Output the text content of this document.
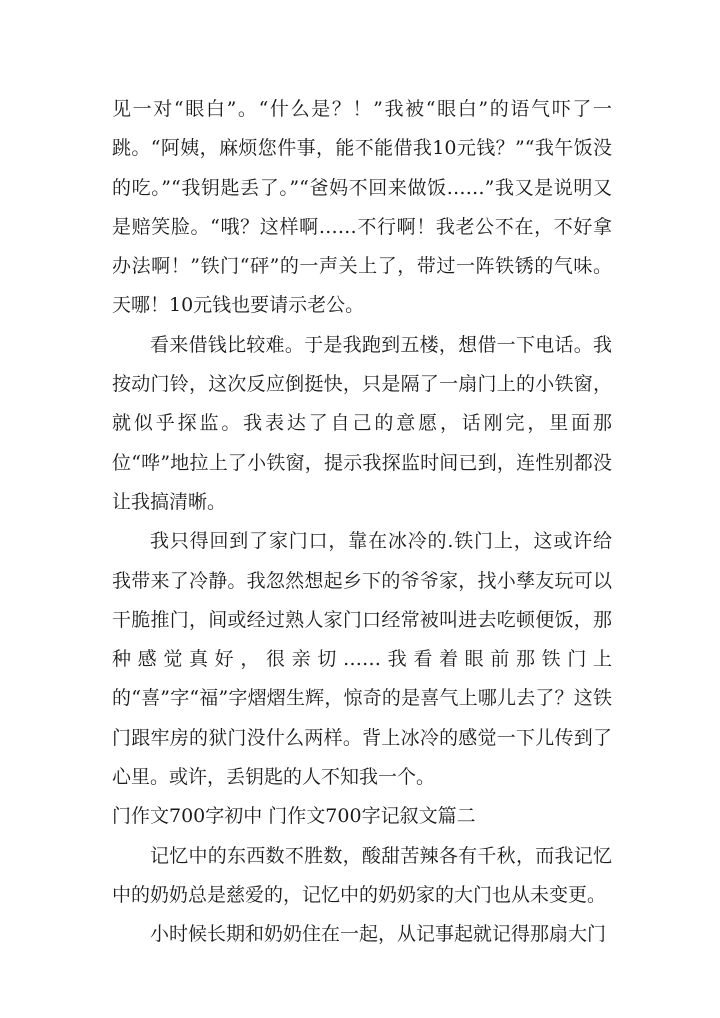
见一对“眼白”。“什么是？！”我被“眼白”的语气吓了一跳。“阿姨，麻烦您件事，能不能借我10元钱？”“我午饭没的吃。”“我钥匙丢了。”“爸妈不回来做饭……”我又是说明又是赔笑脸。“哦？这样啊……不行啊！我老公不在，不好拿办法啊！”铁门“砰”的一声关上了，带过一阵铁锈的气味。天哪！10元钱也要请示老公。

看来借钱比较难。于是我跑到五楼，想借一下电话。我按动门铃，这次反应倒挺快，只是隔了一扇门上的小铁窗，就似乎探监。我表达了自己的意愿，话刚完，里面那位“哗”地拉上了小铁窗，提示我探监时间已到，连性别都没让我搞清晰。

我只得回到了家门口，靠在冰冷的.铁门上，这或许给我带来了冷静。我忽然想起乡下的爷爷家，找小孳友玩可以干脆推门，间或经过熟人家门口经常被叫进去吃顿便饭，那种感觉真好，很亲切……我看着眼前那铁门上的“喜”字“福”字熠熠生辉，惊奇的是喜气上哪儿去了？这铁门跟牢房的狱门没什么两样。背上冰冷的感觉一下儿传到了心里。或许，丢钥匙的人不知我一个。

门作文700字初中 门作文700字记叙文篇二

记忆中的东西数不胜数，酸甜苦辣各有千秋，而我记忆中的奶奶总是慈爱的，记忆中的奶奶家的大门也从未变更。

小时候长期和奶奶住在一起，从记事起就记得那扇大门
